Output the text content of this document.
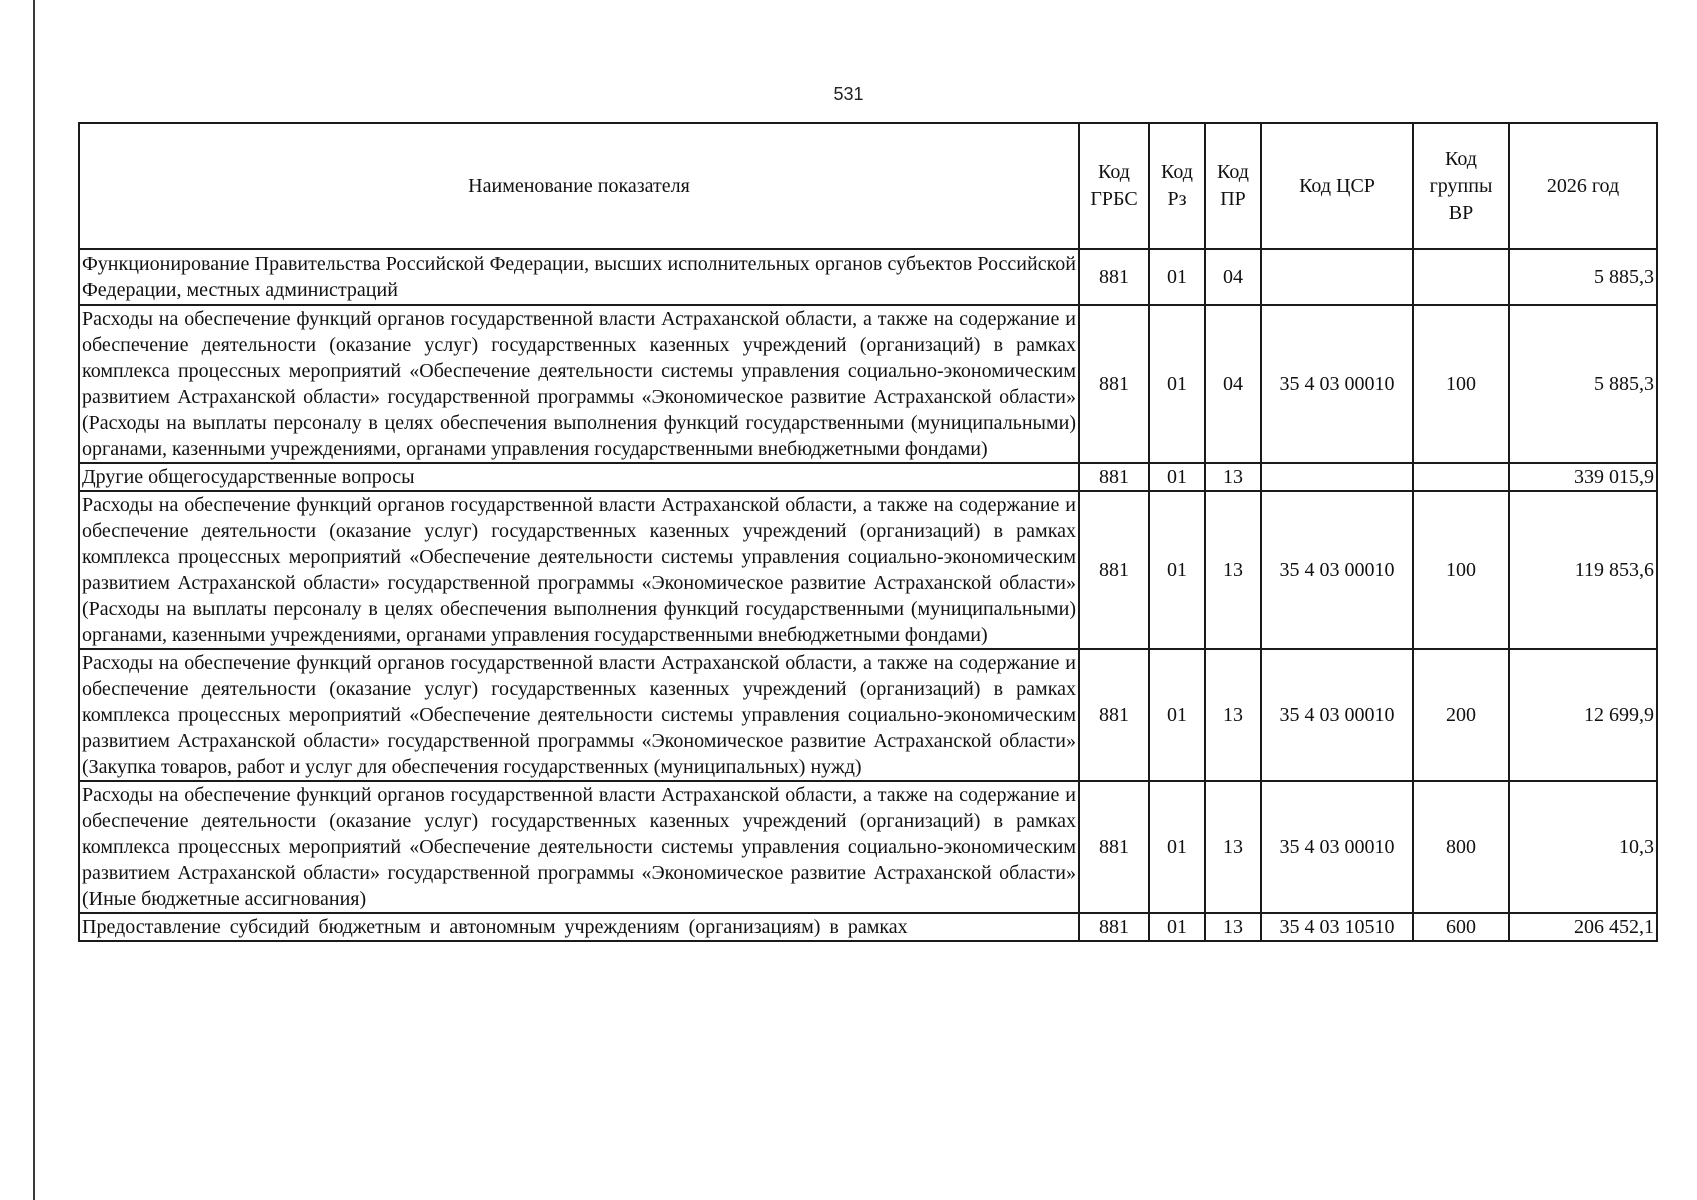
531
Наименование показателя	Код ГРБС	Код Рз	Код ПР	Код ЦСР	Код группы ВР	2026 год
Функционирование Правительства Российской Федерации, высших исполнительных органов субъектов Российской Федерации, местных администраций	881	01	04			5 885,3
Расходы на обеспечение функций органов государственной власти Астраханской области, а также на содержание и обеспечение деятельности (оказание услуг) государственных казенных учреждений (организаций) в рамках комплекса процессных мероприятий «Обеспечение деятельности системы управления социально-экономическим развитием Астраханской области» государственной программы «Экономическое развитие Астраханской области» (Расходы на выплаты персоналу в целях обеспечения выполнения функций государственными (муниципальными) органами, казенными учреждениями, органами управления государственными внебюджетными фондами)	881	01	04	35 4 03 00010	100	5 885,3
Другие общегосударственные вопросы	881	01	13			339 015,9
Расходы на обеспечение функций органов государственной власти Астраханской области, а также на содержание и обеспечение деятельности (оказание услуг) государственных казенных учреждений (организаций) в рамках комплекса процессных мероприятий «Обеспечение деятельности системы управления социально-экономическим развитием Астраханской области» государственной программы «Экономическое развитие Астраханской области» (Расходы на выплаты персоналу в целях обеспечения выполнения функций государственными (муниципальными) органами, казенными учреждениями, органами управления государственными внебюджетными фондами)	881	01	13	35 4 03 00010	100	119 853,6
Расходы на обеспечение функций органов государственной власти Астраханской области, а также на содержание и обеспечение деятельности (оказание услуг) государственных казенных учреждений (организаций) в рамках комплекса процессных мероприятий «Обеспечение деятельности системы управления социально-экономическим развитием Астраханской области» государственной программы «Экономическое развитие Астраханской области» (Закупка товаров, работ и услуг для обеспечения государственных (муниципальных) нужд)	881	01	13	35 4 03 00010	200	12 699,9
Расходы на обеспечение функций органов государственной власти Астраханской области, а также на содержание и обеспечение деятельности (оказание услуг) государственных казенных учреждений (организаций) в рамках комплекса процессных мероприятий «Обеспечение деятельности системы управления социально-экономическим развитием Астраханской области» государственной программы «Экономическое развитие Астраханской области» (Иные бюджетные ассигнования)	881	01	13	35 4 03 00010	800	10,3
Предоставление субсидий бюджетным и автономным учреждениям (организациям) в рамках	881	01	13	35 4 03 10510	600	206 452,1
